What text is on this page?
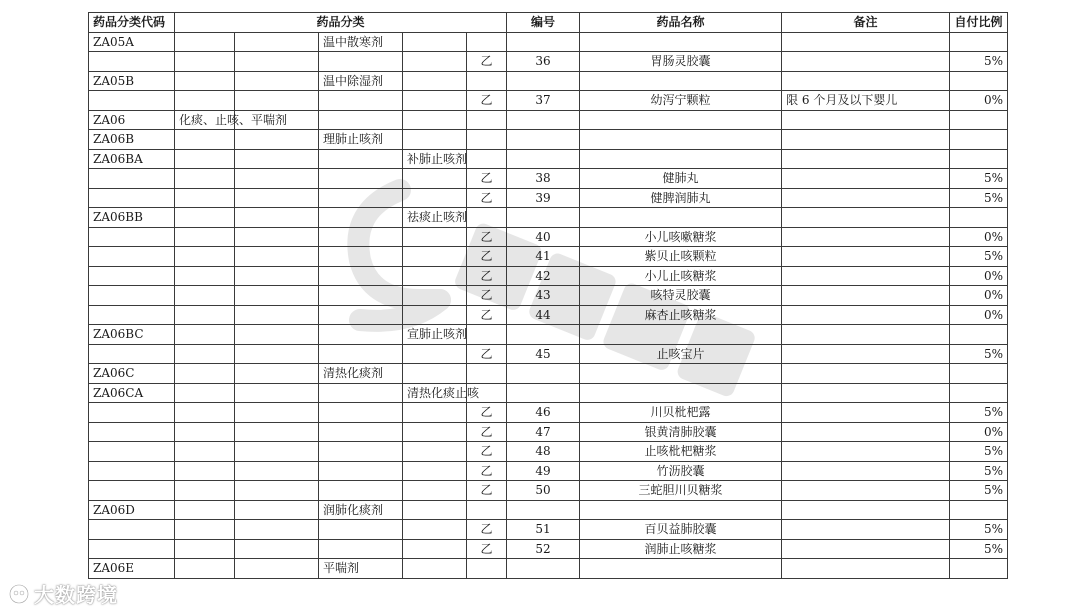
药品分类代码	药品分类					编号	药品名称	备注	自付比例
ZA05A			温中散寒剂						
					乙	36	胃肠灵胶囊		5%
ZA05B			温中除湿剂						
					乙	37	幼泻宁颗粒	限 6 个月及以下婴儿	0%
ZA06	化痰、止咳、平喘剂								
ZA06B			理肺止咳剂						
ZA06BA				补肺止咳剂					
					乙	38	健肺丸		5%
					乙	39	健脾润肺丸		5%
ZA06BB				祛痰止咳剂					
					乙	40	小儿咳嗽糖浆		0%
					乙	41	紫贝止咳颗粒		5%
					乙	42	小儿止咳糖浆		0%
					乙	43	咳特灵胶囊		0%
					乙	44	麻杏止咳糖浆		0%
ZA06BC				宣肺止咳剂					
					乙	45	止咳宝片		5%
ZA06C			清热化痰剂						
ZA06CA				清热化痰止咳					
					乙	46	川贝枇杷露		5%
					乙	47	银黄清肺胶囊		0%
					乙	48	止咳枇杷糖浆		5%
					乙	49	竹沥胶囊		5%
					乙	50	三蛇胆川贝糖浆		5%
ZA06D			润肺化痰剂						
					乙	51	百贝益肺胶囊		5%
					乙	52	润肺止咳糖浆		5%
ZA06E			平喘剂						
大数跨境
